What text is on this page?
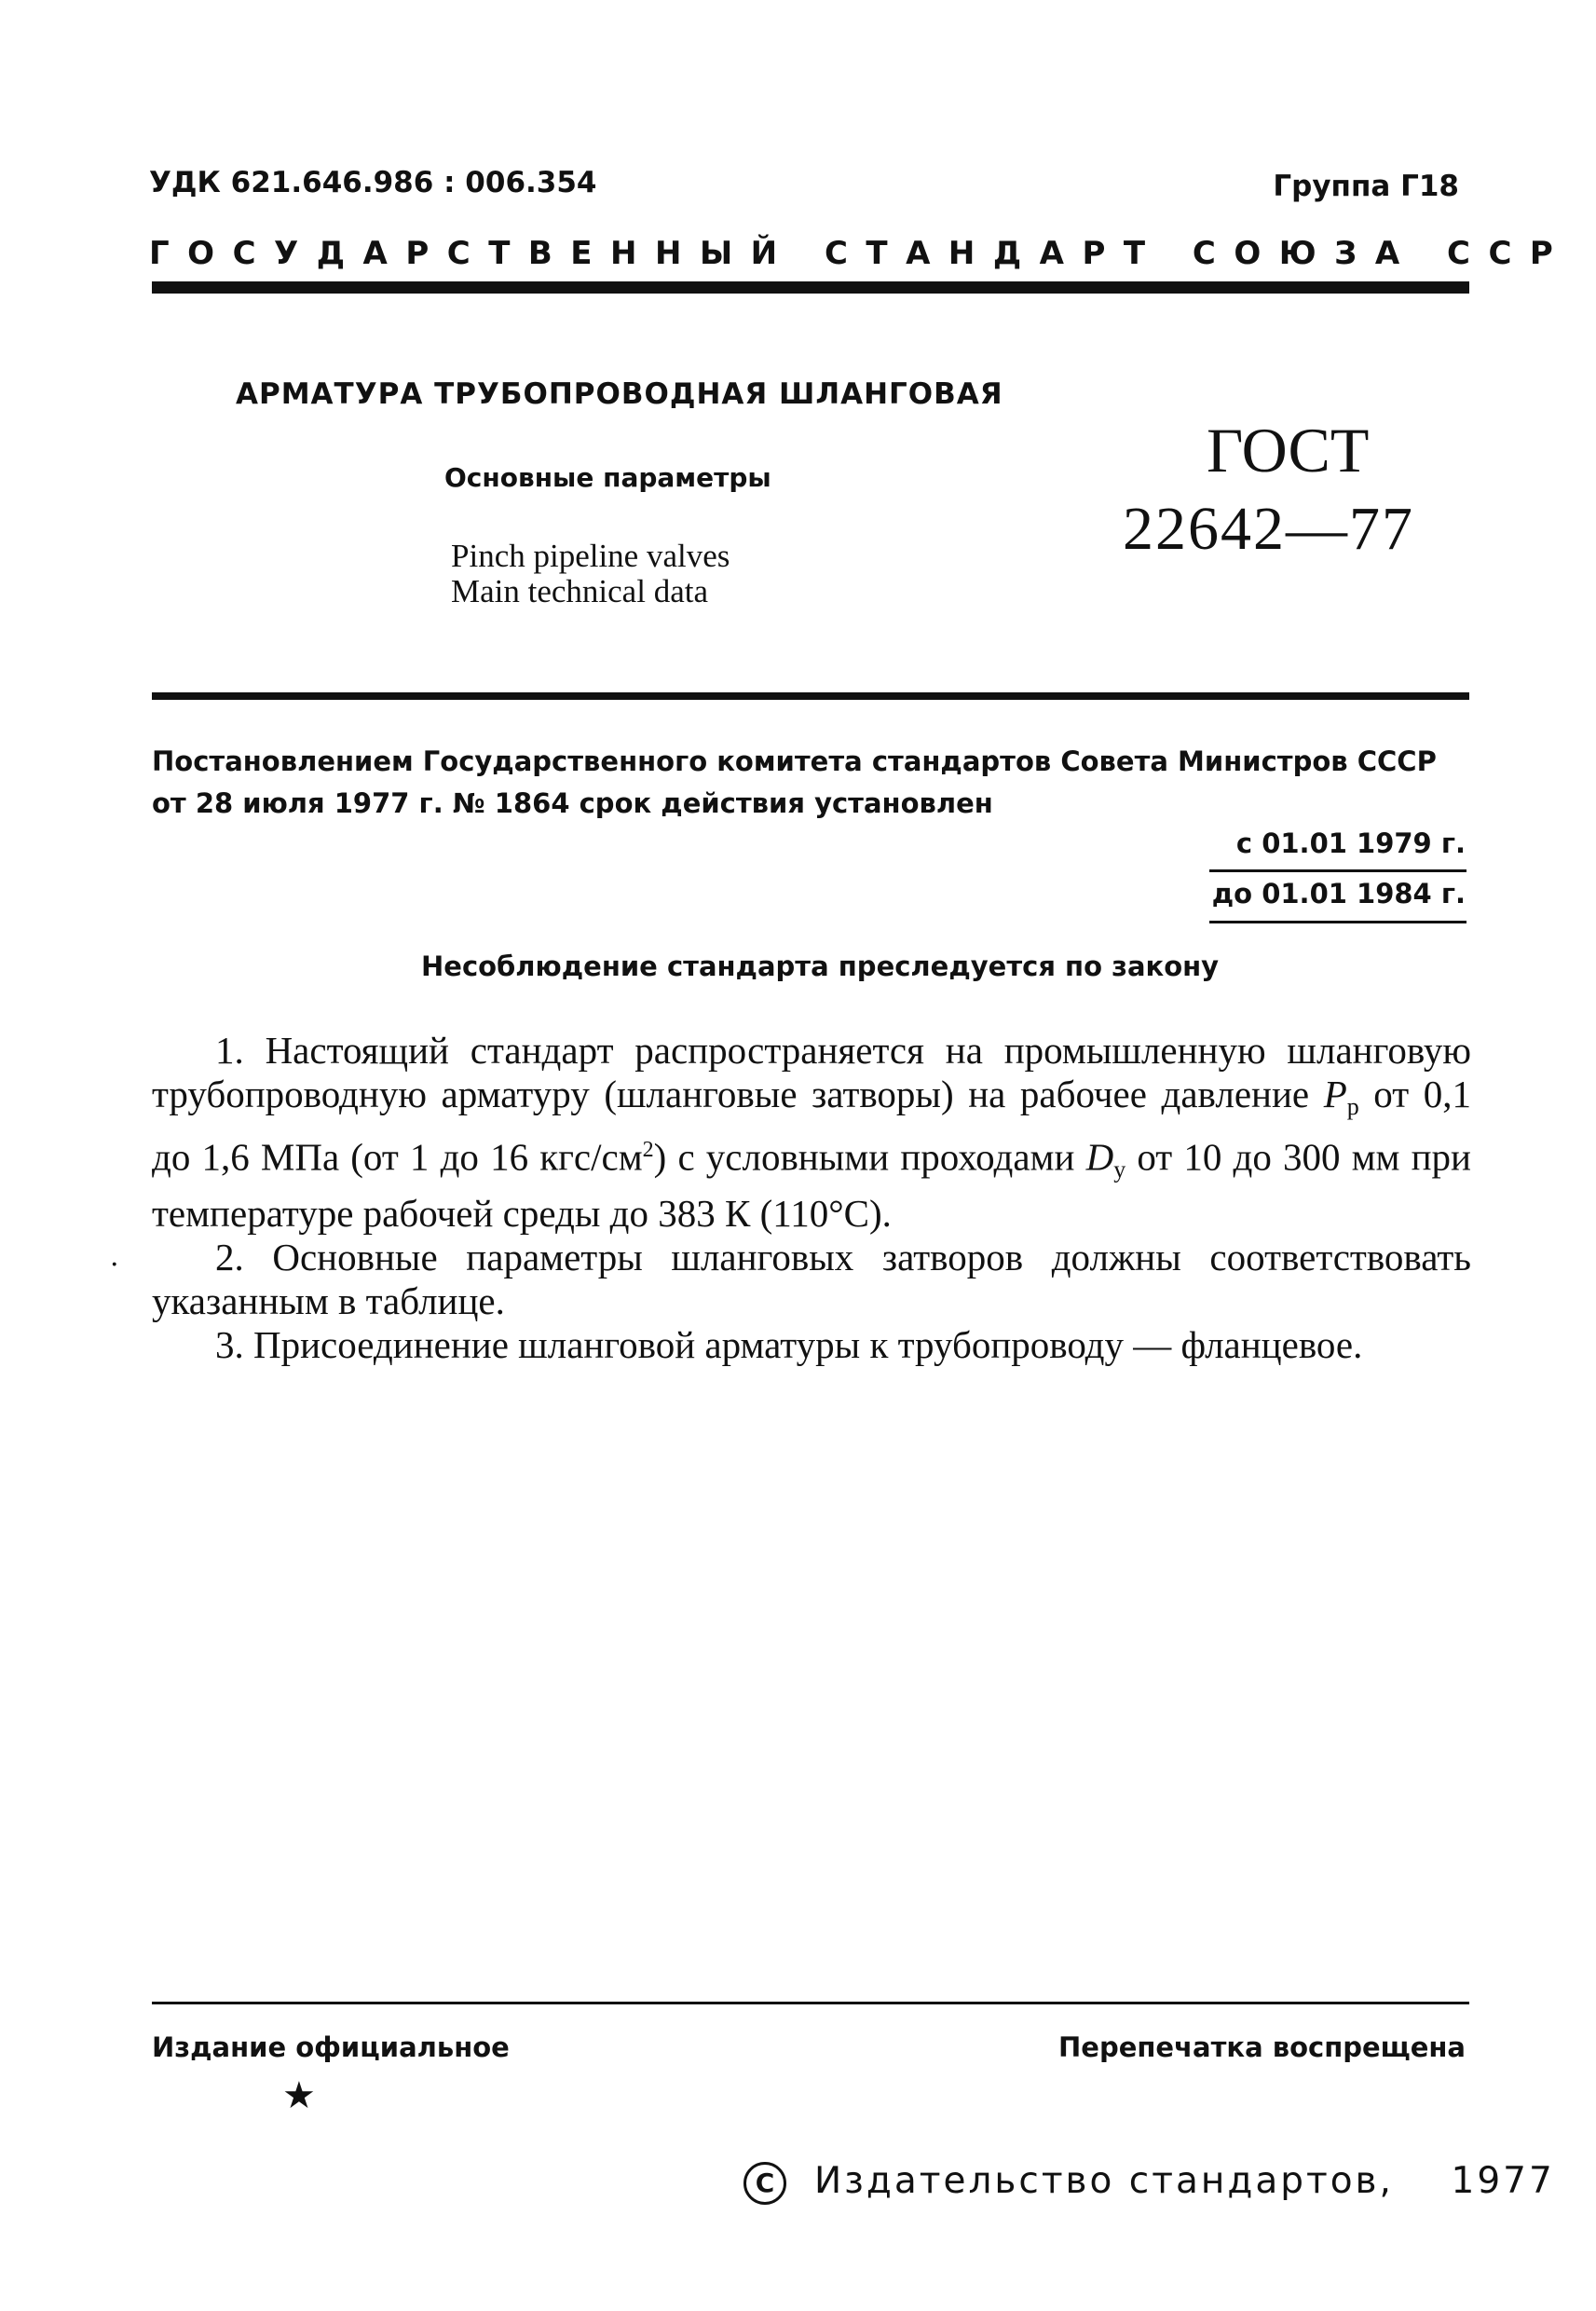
УДК 621.646.986 : 006.354	Группа Г18
ГОСУДАРСТВЕННЫЙ СТАНДАРТ СОЮЗА ССР
АРМАТУРА ТРУБОПРОВОДНАЯ ШЛАНГОВАЯ
Основные параметры
Pinch pipeline valves
Main technical data
ГОСТ
22642—77
Постановлением Государственного комитета стандартов Совета Министров СССР
от 28 июля 1977 г. № 1864 срок действия установлен
с 01.01 1979 г.
до 01.01 1984 г.
Несоблюдение стандарта преследуется по закону
·

1. Настоящий стандарт распространяется на промышленную шланговую трубопроводную арматуру (шланговые затворы) на рабочее давление $P_р$ от 0,1 до 1,6 МПа (от 1 до 16 кгс/$см^2$) с условными проходами $D_у$ от 10 до 300 мм при температуре рабочей среды до 383 К (110°С).

2. Основные параметры шланговых затворов должны соответствовать указанным в таблице.

3. Присоединение шланговой арматуры к трубопроводу — фланцевое.

Издание официальное
★
Перепечатка воспрещена
C Издательство стандартов, 1977
